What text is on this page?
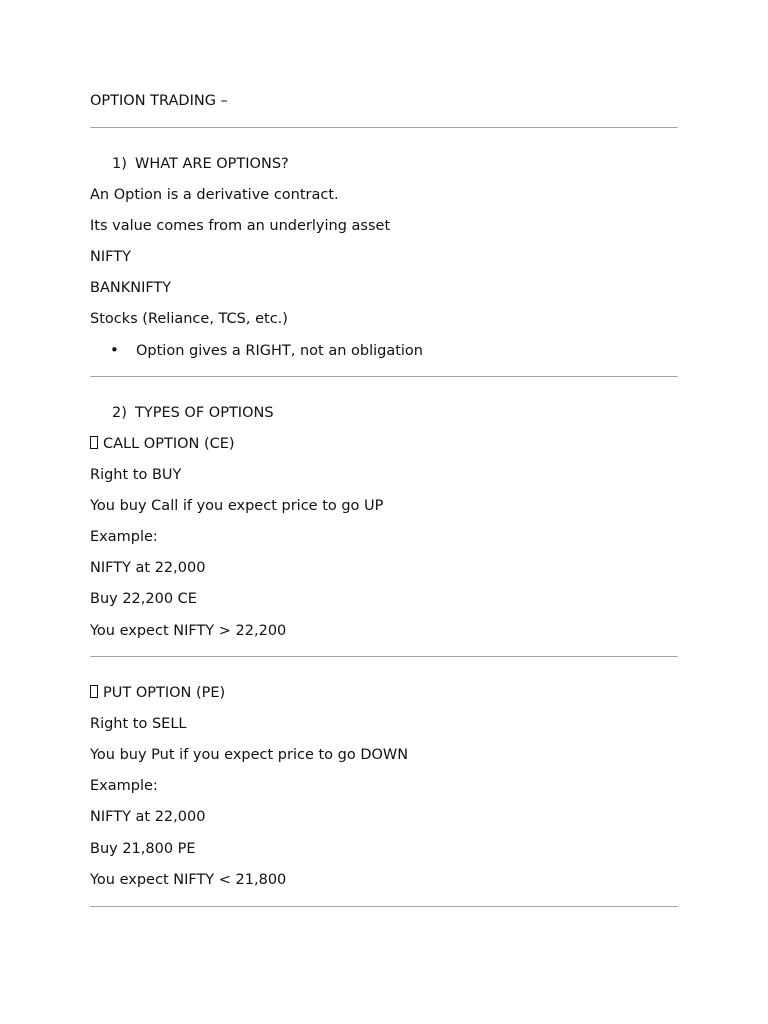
OPTION TRADING –
1) WHAT ARE OPTIONS?
An Option is a derivative contract.
Its value comes from an underlying asset
NIFTY
BANKNIFTY
Stocks (Reliance, TCS, etc.)
• Option gives a RIGHT, not an obligation
2) TYPES OF OPTIONS
CALL OPTION (CE)
Right to BUY
You buy Call if you expect price to go UP
Example:
NIFTY at 22,000
Buy 22,200 CE
You expect NIFTY > 22,200
PUT OPTION (PE)
Right to SELL
You buy Put if you expect price to go DOWN
Example:
NIFTY at 22,000
Buy 21,800 PE
You expect NIFTY < 21,800
